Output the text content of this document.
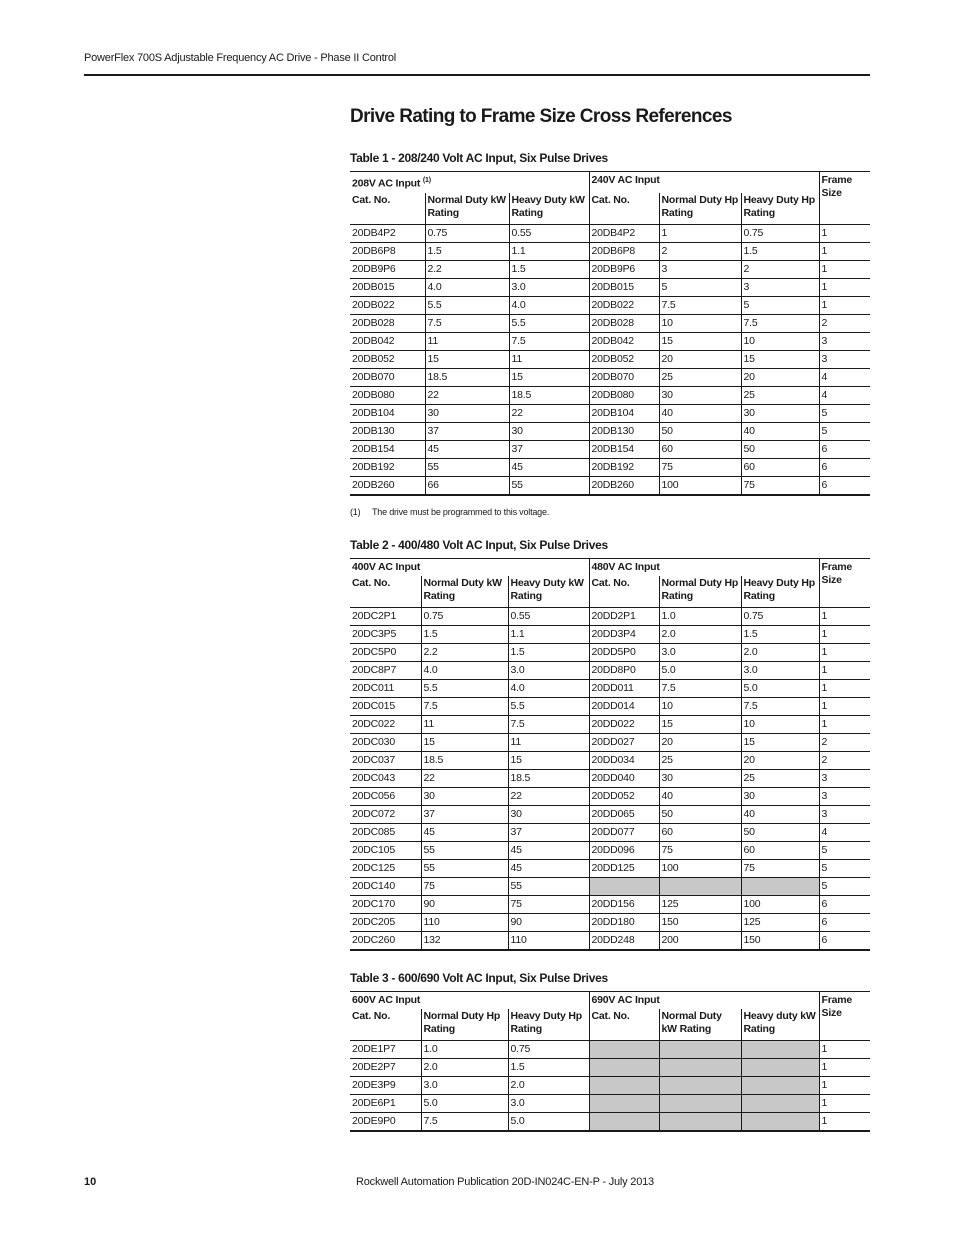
PowerFlex 700S Adjustable Frequency AC Drive - Phase II Control
Drive Rating to Frame Size Cross References
Table 1 - 208/240 Volt AC Input, Six Pulse Drives
208V AC Input $^{(1)}$			240V AC Input			Frame Size
Cat. No.	Normal Duty kW Rating	Heavy Duty kW Rating	Cat. No.	Normal Duty Hp Rating	Heavy Duty Hp Rating	
20DB4P2	0.75	0.55	20DB4P2	1	0.75	1
20DB6P8	1.5	1.1	20DB6P8	2	1.5	1
20DB9P6	2.2	1.5	20DB9P6	3	2	1
20DB015	4.0	3.0	20DB015	5	3	1
20DB022	5.5	4.0	20DB022	7.5	5	1
20DB028	7.5	5.5	20DB028	10	7.5	2
20DB042	11	7.5	20DB042	15	10	3
20DB052	15	11	20DB052	20	15	3
20DB070	18.5	15	20DB070	25	20	4
20DB080	22	18.5	20DB080	30	25	4
20DB104	30	22	20DB104	40	30	5
20DB130	37	30	20DB130	50	40	5
20DB154	45	37	20DB154	60	50	6
20DB192	55	45	20DB192	75	60	6
20DB260	66	55	20DB260	100	75	6
(1) The drive must be programmed to this voltage.
Table 2 - 400/480 Volt AC Input, Six Pulse Drives
400V AC Input			480V AC Input			Frame Size
Cat. No.	Normal Duty kW Rating	Heavy Duty kW Rating	Cat. No.	Normal Duty Hp Rating	Heavy Duty Hp Rating	
20DC2P1	0.75	0.55	20DD2P1	1.0	0.75	1
20DC3P5	1.5	1.1	20DD3P4	2.0	1.5	1
20DC5P0	2.2	1.5	20DD5P0	3.0	2.0	1
20DC8P7	4.0	3.0	20DD8P0	5.0	3.0	1
20DC011	5.5	4.0	20DD011	7.5	5.0	1
20DC015	7.5	5.5	20DD014	10	7.5	1
20DC022	11	7.5	20DD022	15	10	1
20DC030	15	11	20DD027	20	15	2
20DC037	18.5	15	20DD034	25	20	2
20DC043	22	18.5	20DD040	30	25	3
20DC056	30	22	20DD052	40	30	3
20DC072	37	30	20DD065	50	40	3
20DC085	45	37	20DD077	60	50	4
20DC105	55	45	20DD096	75	60	5
20DC125	55	45	20DD125	100	75	5
20DC140	75	55				5
20DC170	90	75	20DD156	125	100	6
20DC205	110	90	20DD180	150	125	6
20DC260	132	110	20DD248	200	150	6
Table 3 - 600/690 Volt AC Input, Six Pulse Drives
600V AC Input			690V AC Input			Frame Size
Cat. No.	Normal Duty Hp Rating	Heavy Duty Hp Rating	Cat. No.	Normal Duty kW Rating	Heavy duty kW Rating	
20DE1P7	1.0	0.75				1
20DE2P7	2.0	1.5				1
20DE3P9	3.0	2.0				1
20DE6P1	5.0	3.0				1
20DE9P0	7.5	5.0				1
10	Rockwell Automation Publication 20D-IN024C-EN-P - July 2013
